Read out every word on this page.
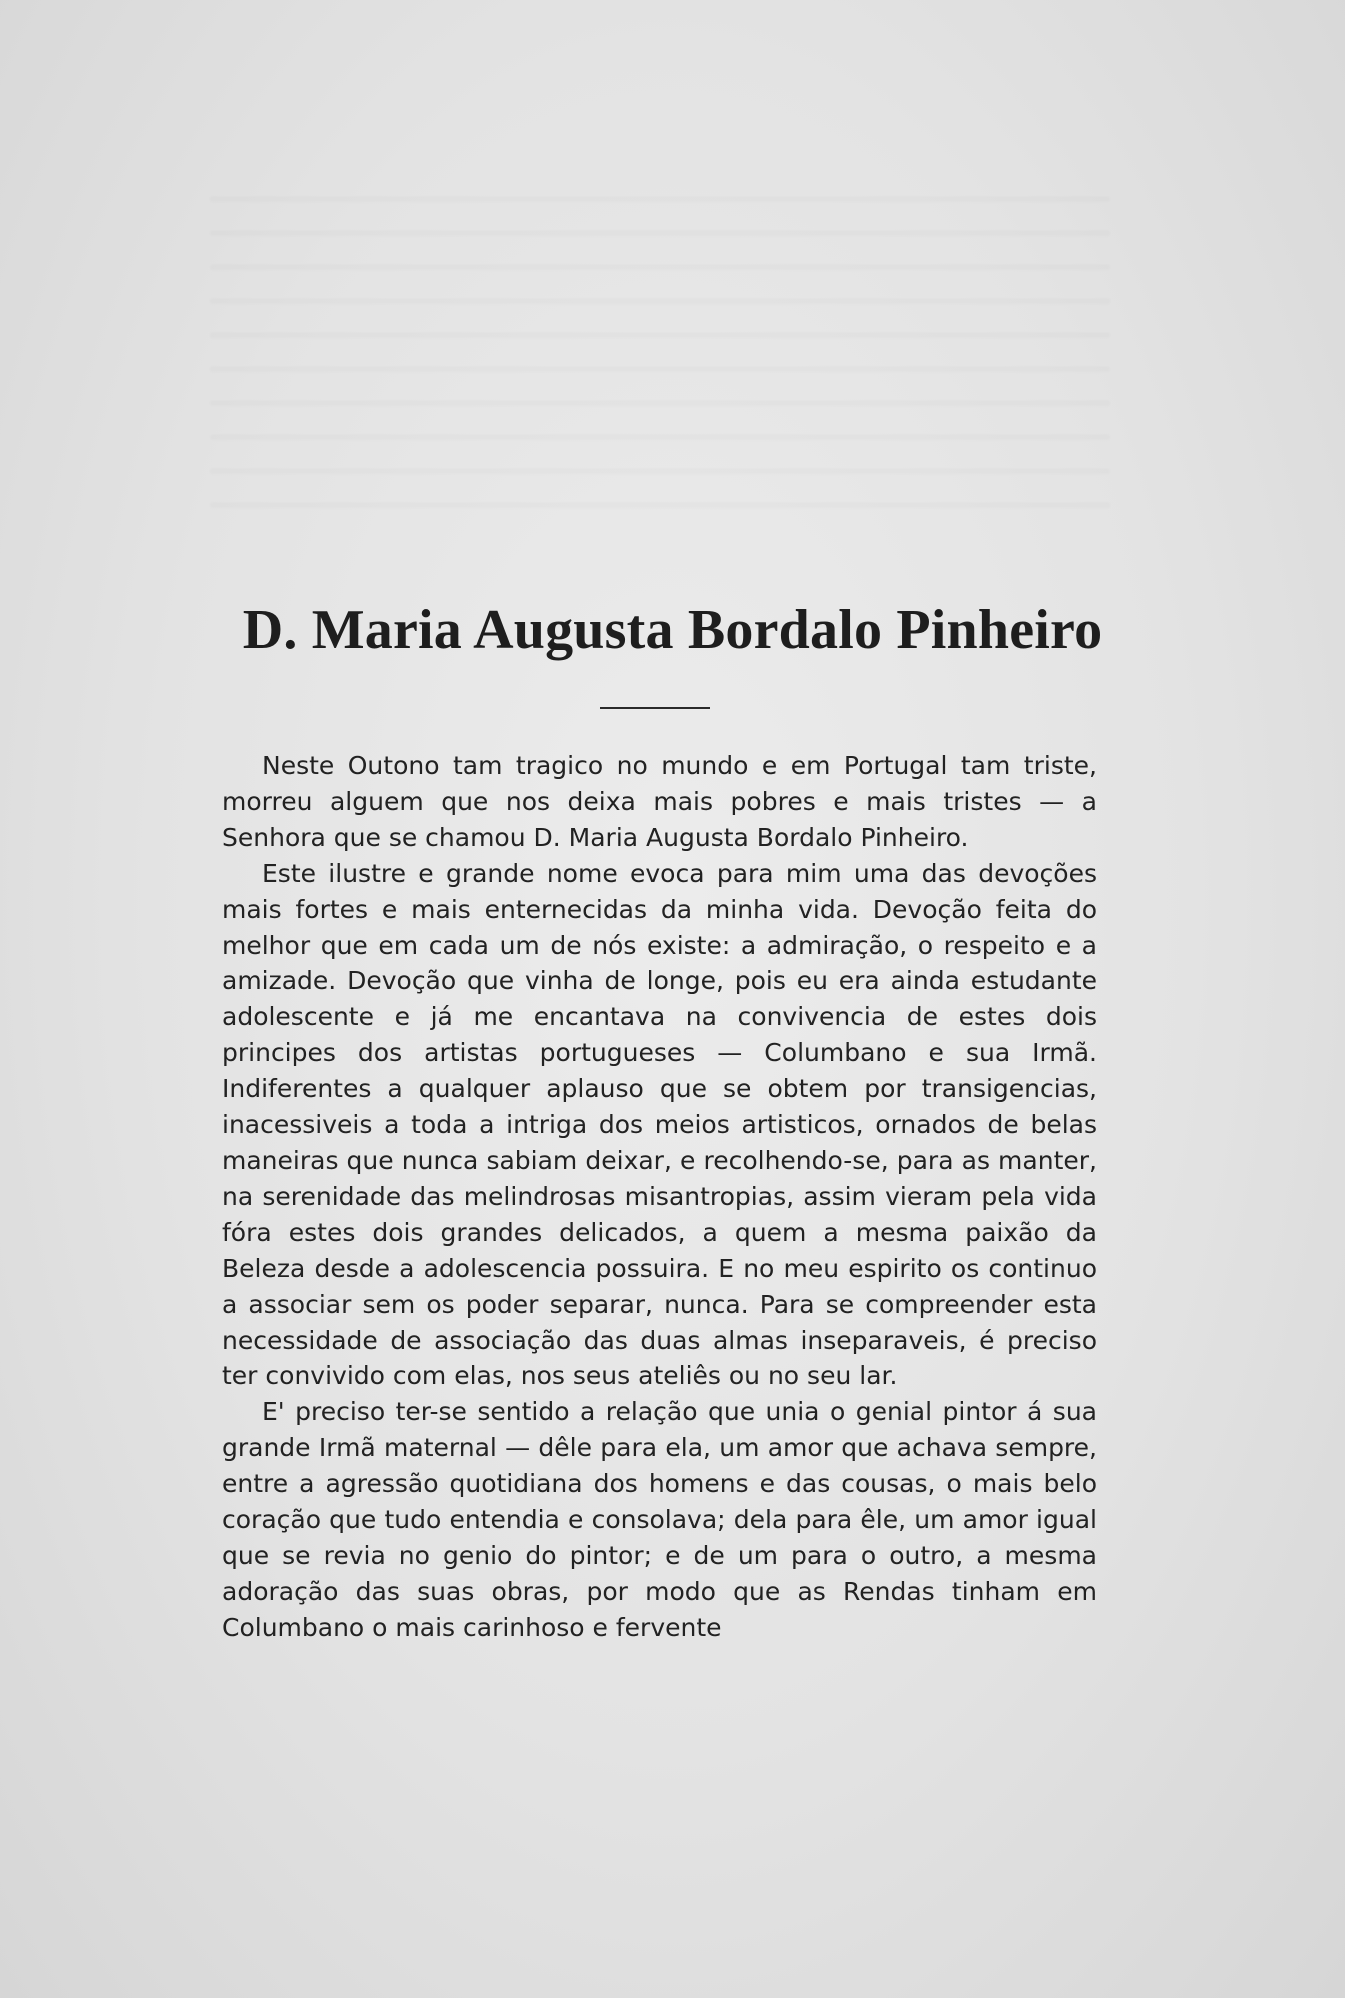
D. Maria Augusta Bordalo Pinheiro

Neste Outono tam tragico no mundo e em Portugal tam triste, morreu alguem que nos deixa mais pobres e mais tristes — a Senhora que se chamou D. Maria Augusta Bordalo Pinheiro.

Este ilustre e grande nome evoca para mim uma das devoções mais fortes e mais enternecidas da minha vida. Devoção feita do melhor que em cada um de nós existe: a admiração, o respeito e a amizade. Devoção que vinha de longe, pois eu era ainda estudante adolescente e já me encantava na convivencia de estes dois principes dos artistas portugueses — Columbano e sua Irmã. Indiferentes a qualquer aplauso que se obtem por transigencias, inacessiveis a toda a intriga dos meios artisticos, ornados de belas maneiras que nunca sabiam deixar, e recolhendo-se, para as manter, na serenidade das melindrosas misantropias, assim vieram pela vida fóra estes dois grandes delicados, a quem a mesma paixão da Beleza desde a adolescencia possuira. E no meu espirito os continuo a associar sem os poder separar, nunca. Para se compreender esta necessidade de associação das duas almas inseparaveis, é preciso ter convivido com elas, nos seus ateliês ou no seu lar.

E' preciso ter-se sentido a relação que unia o genial pintor á sua grande Irmã maternal — dêle para ela, um amor que achava sempre, entre a agressão quotidiana dos homens e das cousas, o mais belo coração que tudo entendia e consolava; dela para êle, um amor igual que se revia no genio do pintor; e de um para o outro, a mesma adoração das suas obras, por modo que as Rendas tinham em Columbano o mais carinhoso e fervente
